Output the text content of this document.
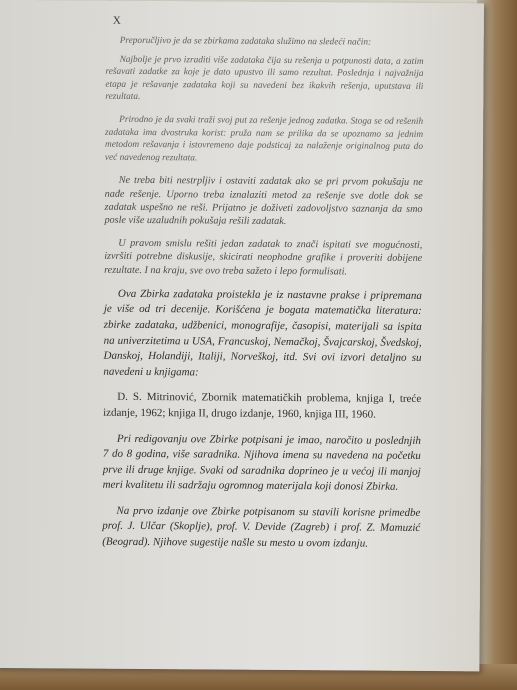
X

Preporučljivo je da se zbirkama zadataka služimo na sledeći način:

Najbolje je prvo izraditi više zadataka čija su rešenja u potpunosti data, a zatim rešavati zadatke za koje je dato upustvo ili samo rezultat. Poslednja i najvažnija etapa je rešavanje zadataka koji su navedeni bez ikakvih rešenja, uputstava ili rezultata.

Prirodno je da svaki traži svoj put za rešenje jednog zadatka. Stoga se od rešenih zadataka ima dvostruka korist: pruža nam se prilika da se upoznamo sa jednim metodom rešavanja i istovremeno daje podsticaj za nalaženje originalnog puta do već navedenog rezultata.

Ne treba biti nestrpljiv i ostaviti zadatak ako se pri prvom pokušaju ne nađe rešenje. Uporno treba iznalaziti metod za rešenje sve dotle dok se zadatak uspešno ne reši. Prijatno je doživeti zadovoljstvo saznanja da smo posle više uzaludnih pokušaja rešili zadatak.

U pravom smislu rešiti jedan zadatak to znači ispitati sve mogućnosti, izvršiti potrebne diskusije, skicirati neophodne grafike i proveriti dobijene rezultate. I na kraju, sve ovo treba sažeto i lepo formulisati.

Ova Zbirka zadataka proistekla je iz nastavne prakse i pripremana je više od tri decenije. Korišćena je bogata matematička literatura: zbirke zadataka, udžbenici, monografije, časopisi, materijali sa ispita na univerzitetima u USA, Francuskoj, Nemačkoj, Švajcarskoj, Švedskoj, Danskoj, Holandiji, Italiji, Norveškoj, itd. Svi ovi izvori detaljno su navedeni u knjigama:

D. S. Mitrinović, Zbornik matematičkih problema, knjiga I, treće izdanje, 1962; knjiga II, drugo izdanje, 1960, knjiga III, 1960.

Pri redigovanju ove Zbirke potpisani je imao, naročito u poslednjih 7 do 8 godina, više saradnika. Njihova imena su navedena na početku prve ili druge knjige. Svaki od saradnika doprineo je u većoj ili manjoj meri kvalitetu ili sadržaju ogromnog materijala koji donosi Zbirka.

Na prvo izdanje ove Zbirke potpisanom su stavili korisne primedbe prof. J. Ulčar (Skoplje), prof. V. Devide (Zagreb) i prof. Z. Mamuzić (Beograd). Njihove sugestije našle su mesto u ovom izdanju.
